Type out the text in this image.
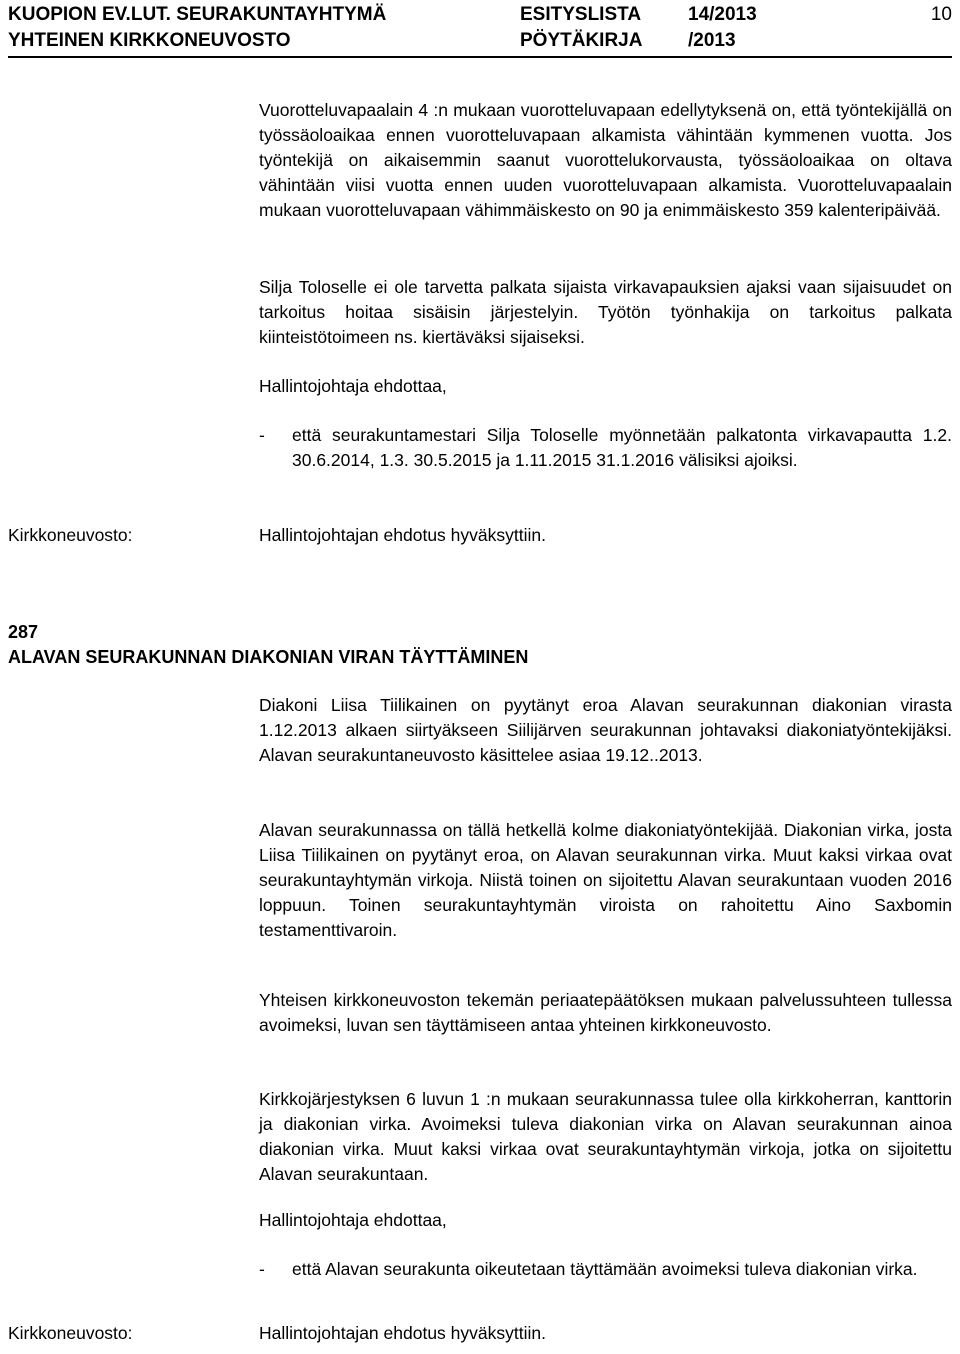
KUOPION EV.LUT. SEURAKUNTAYHTYMÄ
YHTEINEN KIRKKONEUVOSTO
ESITYSLISTA
PÖYTÄKIRJA
14/2013
/2013
10

Vuorotteluvapaalain 4 :n mukaan vuorotteluvapaan edellytyksenä on, että työntekijällä on työssäoloaikaa ennen vuorotteluvapaan alkamista vähintään kymmenen vuotta. Jos työntekijä on aikaisemmin saanut vuorottelukorvausta, työssäoloaikaa on oltava vähintään viisi vuotta ennen uuden vuorotteluvapaan alkamista. Vuorotteluvapaalain mukaan vuorotteluvapaan vähimmäiskesto on 90 ja enimmäiskesto 359 kalenteripäivää.

Silja Toloselle ei ole tarvetta palkata sijaista virkavapauksien ajaksi vaan sijaisuudet on tarkoitus hoitaa sisäisin järjestelyin. Työtön työnhakija on tarkoitus palkata kiinteistötoimeen ns. kiertäväksi sijaiseksi.

Hallintojohtaja ehdottaa,

- että seurakuntamestari Silja Toloselle myönnetään palkatonta virkavapautta 1.2. 30.6.2014, 1.3. 30.5.2015 ja 1.11.2015 31.1.2016 välisiksi ajoiksi.
Kirkkoneuvosto:	Hallintojohtajan ehdotus hyväksyttiin.
287
ALAVAN SEURAKUNNAN DIAKONIAN VIRAN TÄYTTÄMINEN

Diakoni Liisa Tiilikainen on pyytänyt eroa Alavan seurakunnan diakonian virasta 1.12.2013 alkaen siirtyäkseen Siilijärven seurakunnan johtavaksi diakoniatyöntekijäksi. Alavan seurakuntaneuvosto käsittelee asiaa 19.12..2013.

Alavan seurakunnassa on tällä hetkellä kolme diakoniatyöntekijää. Diakonian virka, josta Liisa Tiilikainen on pyytänyt eroa, on Alavan seurakunnan virka. Muut kaksi virkaa ovat seurakuntayhtymän virkoja. Niistä toinen on sijoitettu Alavan seurakuntaan vuoden 2016 loppuun. Toinen seurakuntayhtymän viroista on rahoitettu Aino Saxbomin testamenttivaroin.

Yhteisen kirkkoneuvoston tekemän periaatepäätöksen mukaan palvelussuhteen tullessa avoimeksi, luvan sen täyttämiseen antaa yhteinen kirkkoneuvosto.

Kirkkojärjestyksen 6 luvun 1 :n mukaan seurakunnassa tulee olla kirkkoherran, kanttorin ja diakonian virka. Avoimeksi tuleva diakonian virka on Alavan seurakunnan ainoa diakonian virka. Muut kaksi virkaa ovat seurakuntayhtymän virkoja, jotka on sijoitettu Alavan seurakuntaan.

Hallintojohtaja ehdottaa,

- että Alavan seurakunta oikeutetaan täyttämään avoimeksi tuleva diakonian virka.
Kirkkoneuvosto:	Hallintojohtajan ehdotus hyväksyttiin.
